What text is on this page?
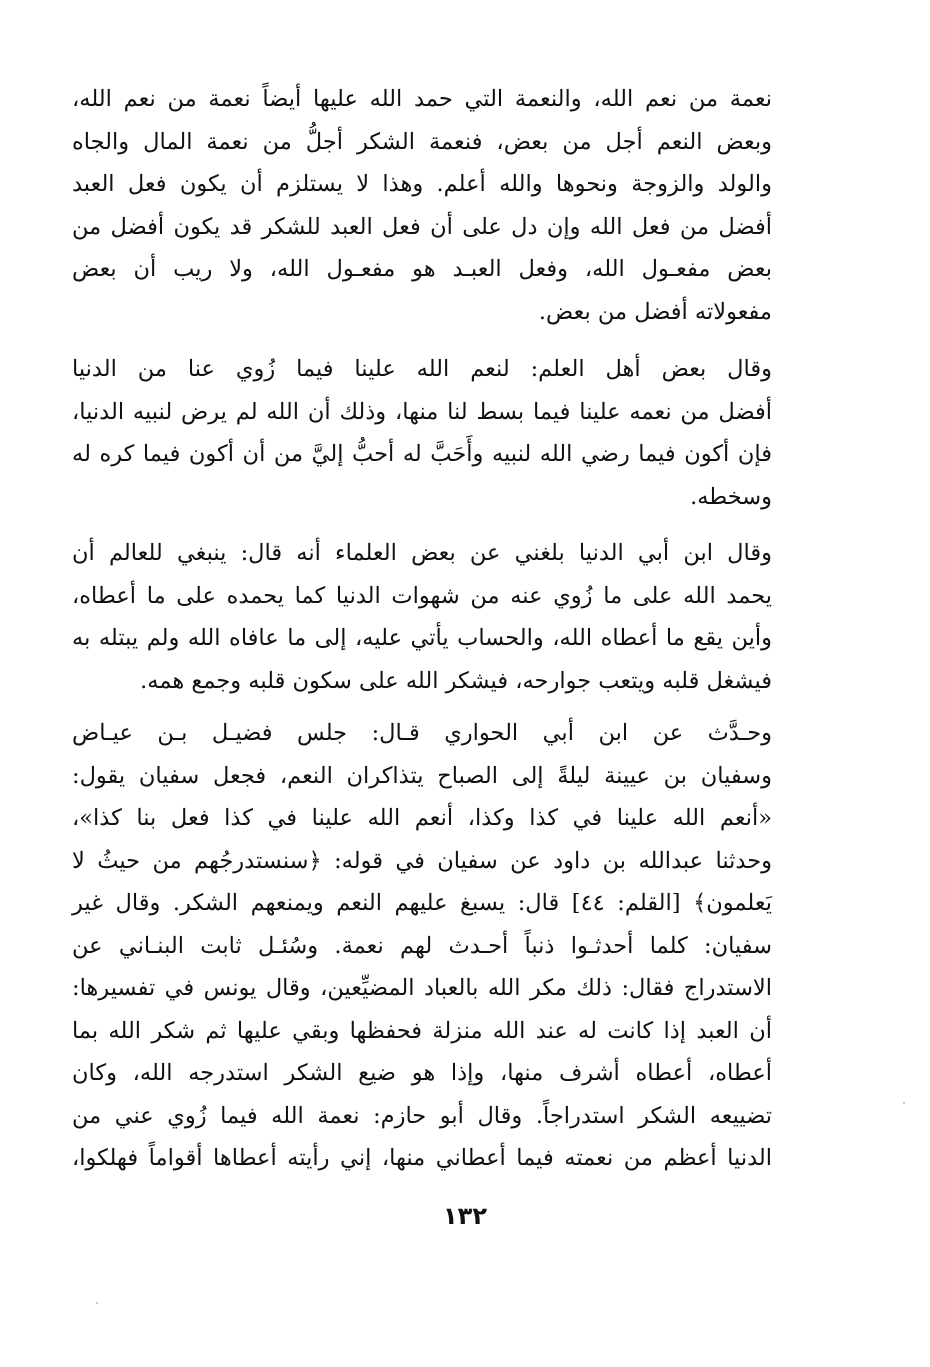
نعمة من نعم الله، والنعمة التي حمد الله عليها أيضاً نعمة من نعم الله،
وبعض النعم أجل من بعض، فنعمة الشكر أجلُّ من نعمة المال والجاه
والولد والزوجة ونحوها والله أعلم. وهذا لا يستلزم أن يكون فعل العبد
أفضل من فعل الله وإن دل على أن فعل العبد للشكر قد يكون أفضل من
بعض مفعـول الله، وفعل العبـد هو مفعـول الله، ولا ريب أن بعض
مفعولاته أفضل من بعض.
وقال بعض أهل العلم: لنعم الله علينا فيما زُوي عنا من الدنيا
أفضل من نعمه علينا فيما بسط لنا منها، وذلك أن الله لم يرض لنبيه الدنيا،
فإن أكون فيما رضي الله لنبيه وأَحَبَّ له أحبُّ إليَّ من أن أكون فيما كره له
وسخطه.
وقال ابن أبي الدنيا بلغني عن بعض العلماء أنه قال: ينبغي للعالم أن
يحمد الله على ما زُوي عنه من شهوات الدنيا كما يحمده على ما أعطاه،
وأين يقع ما أعطاه الله، والحساب يأتي عليه، إلى ما عافاه الله ولم يبتله به
فيشغل قلبه ويتعب جوارحه، فيشكر الله على سكون قلبه وجمع همه.
وحـدَّث عن ابن أبي الحواري قـال: جلس فضيـل بـن عيـاض
وسفيان بن عيينة ليلةً إلى الصباح يتذاكران النعم، فجعل سفيان يقول:
«أنعم الله علينا في كذا وكذا، أنعم الله علينا في كذا فعل بنا كذا»،
وحدثنا عبدالله بن داود عن سفيان في قوله: ﴿سنستدرجُهم من حيثُ لا
يَعلمون﴾ [القلم: ٤٤] قال: يسبغ عليهم النعم ويمنعهم الشكر. وقال غير
سفيان: كلما أحدثـوا ذنباً أحـدث لهم نعمة. وسُئـل ثابت البنـاني عن
الاستدراج فقال: ذلك مكر الله بالعباد المضيِّعين، وقال يونس في تفسيرها:
أن العبد إذا كانت له عند الله منزلة فحفظها وبقي عليها ثم شكر الله بما
أعطاه، أعطاه أشرف منها، وإذا هو ضيع الشكر استدرجه الله، وكان
تضييعه الشكر استدراجاً. وقال أبو حازم: نعمة الله فيما زُوي عني من
الدنيا أعظم من نعمته فيما أعطاني منها، إني رأيته أعطاها أقواماً فهلكوا،
١٣٢
